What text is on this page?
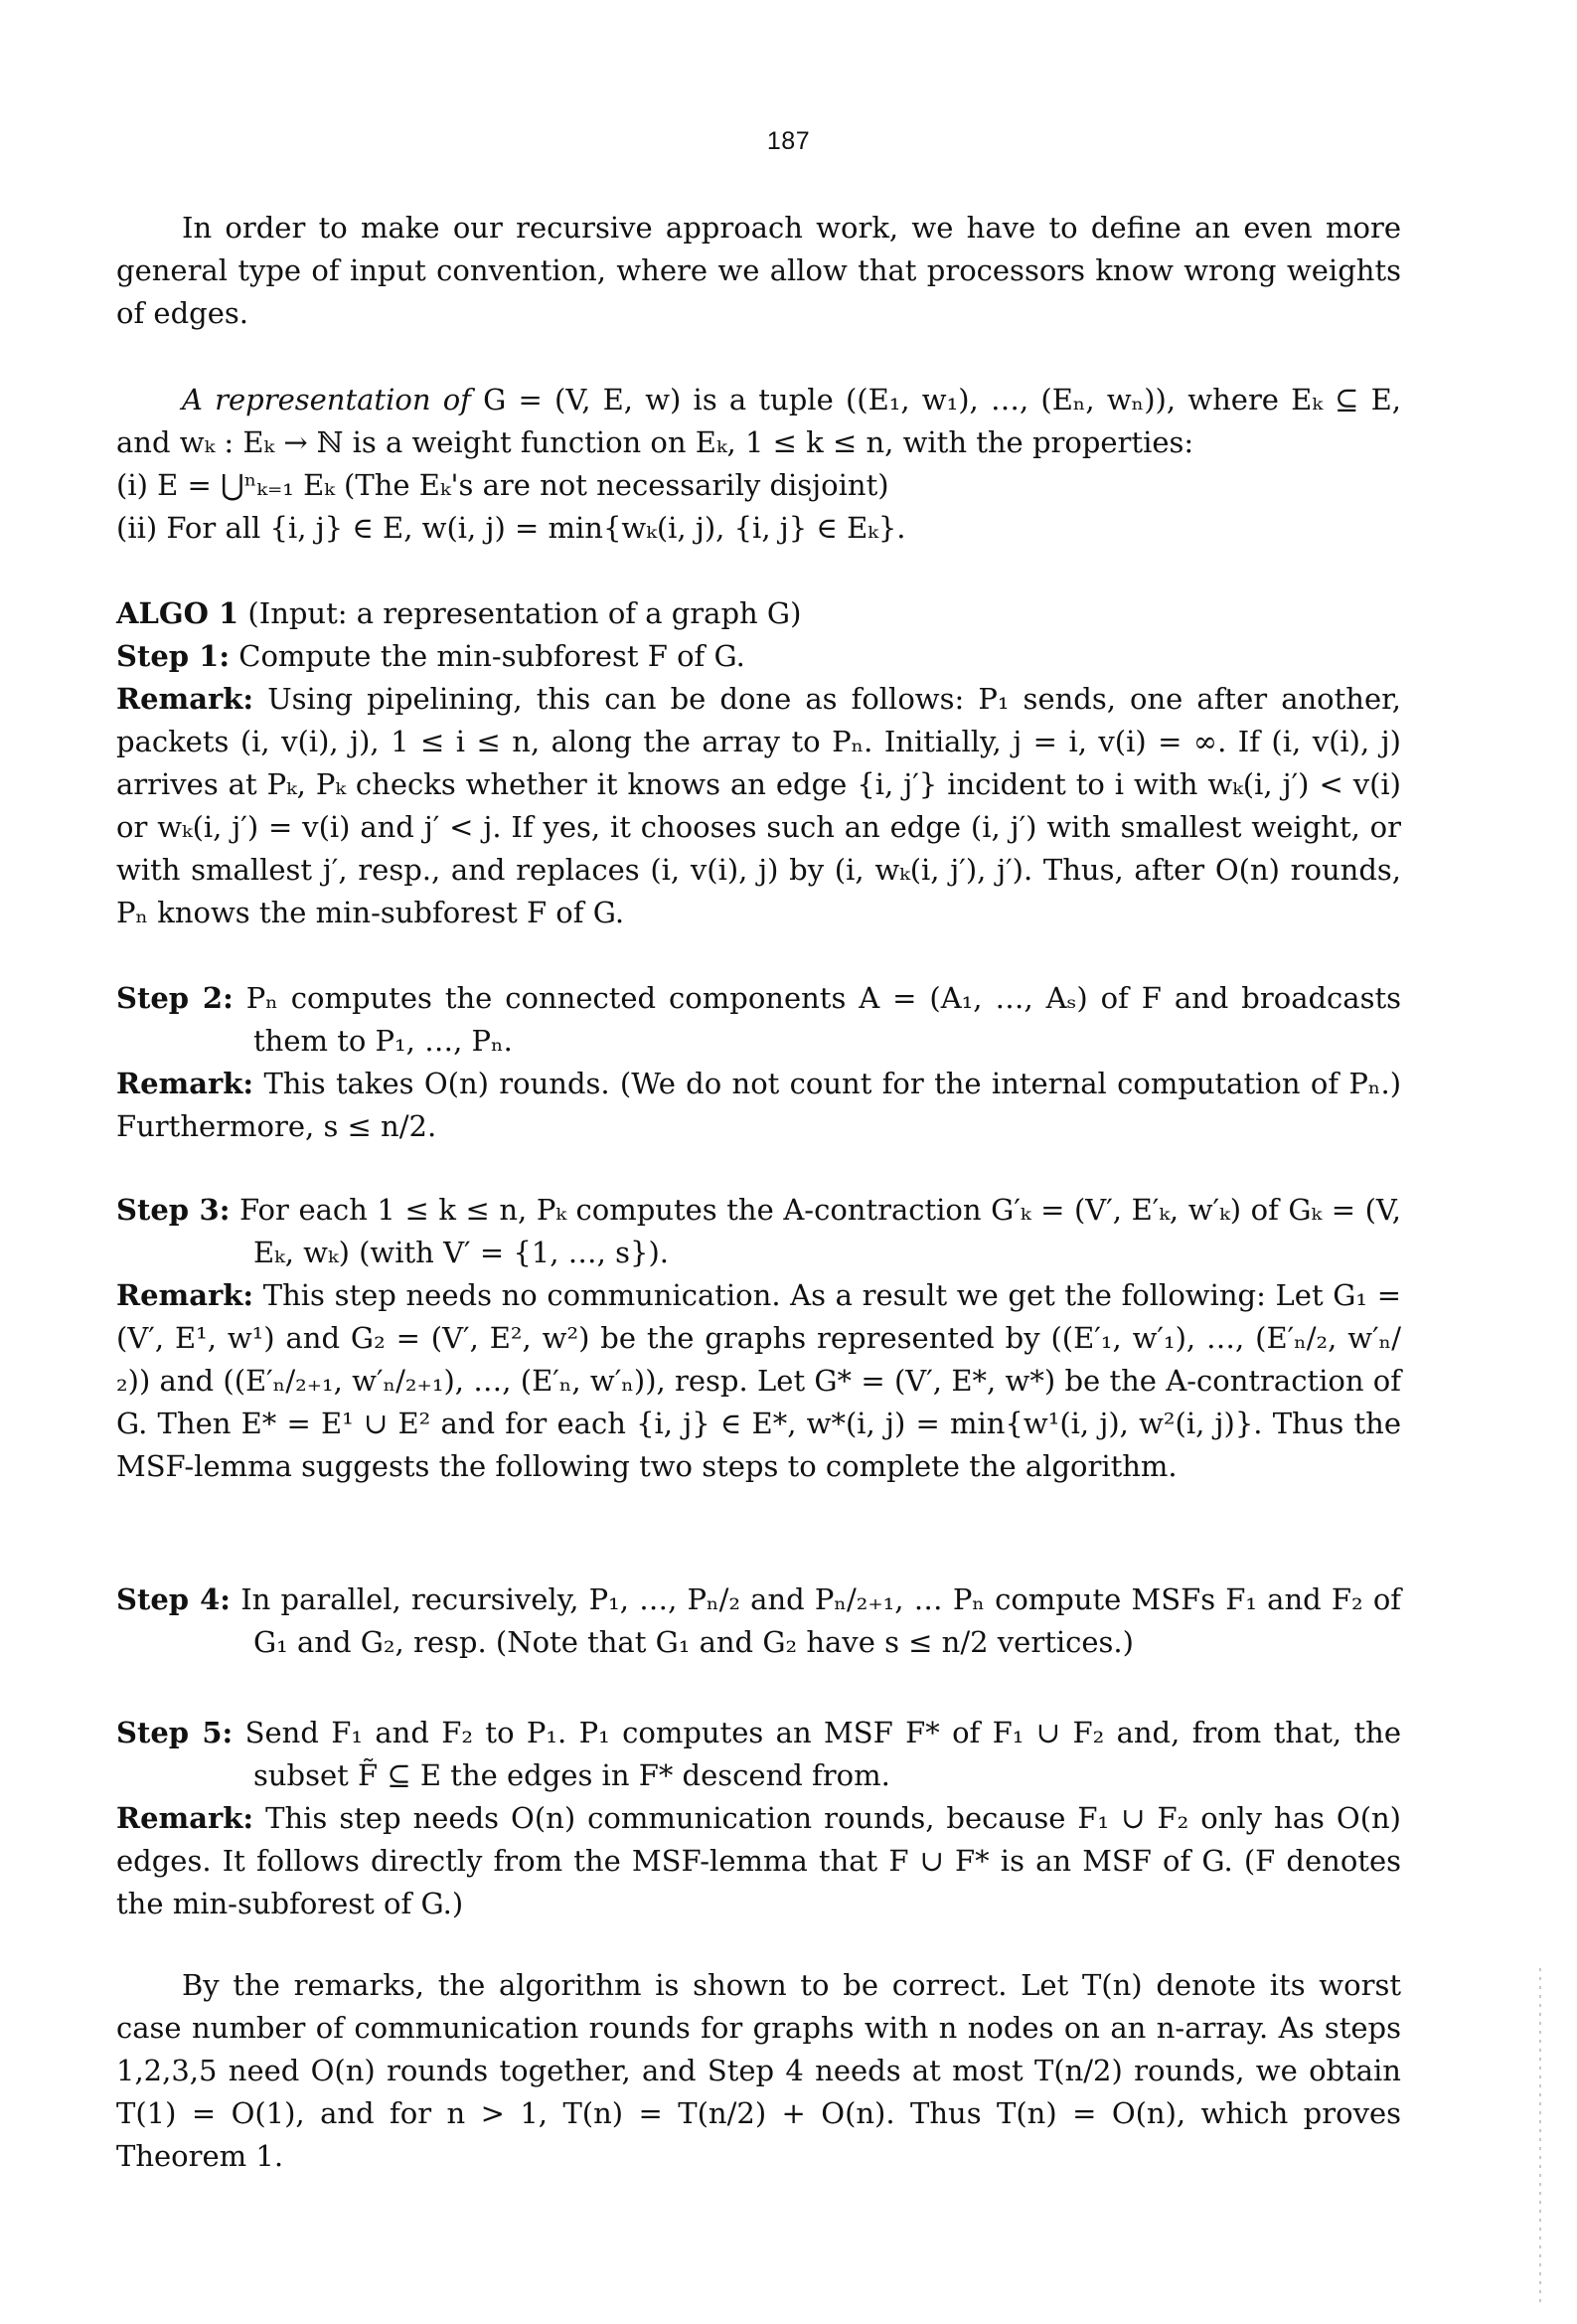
187

In order to make our recursive approach work, we have to define an even more general type of input convention, where we allow that processors know wrong weights of edges.

A representation of G = (V, E, w) is a tuple ((E₁, w₁), …, (Eₙ, wₙ)), where Eₖ ⊆ E, and wₖ : Eₖ → ℕ is a weight function on Eₖ, 1 ≤ k ≤ n, with the properties:

(i) E = ⋃ⁿₖ₌₁ Eₖ (The Eₖ's are not necessarily disjoint)

(ii) For all {i, j} ∈ E, w(i, j) = min{wₖ(i, j), {i, j} ∈ Eₖ}.

ALGO 1 (Input: a representation of a graph G)

Step 1: Compute the min-subforest F of G.

Remark: Using pipelining, this can be done as follows: P₁ sends, one after another, packets (i, v(i), j), 1 ≤ i ≤ n, along the array to Pₙ. Initially, j = i, v(i) = ∞. If (i, v(i), j) arrives at Pₖ, Pₖ checks whether it knows an edge {i, j′} incident to i with wₖ(i, j′) < v(i) or wₖ(i, j′) = v(i) and j′ < j. If yes, it chooses such an edge (i, j′) with smallest weight, or with smallest j′, resp., and replaces (i, v(i), j) by (i, wₖ(i, j′), j′). Thus, after O(n) rounds, Pₙ knows the min-subforest F of G.

Step 2: Pₙ computes the connected components A = (A₁, …, Aₛ) of F and broadcasts them to P₁, …, Pₙ.

Remark: This takes O(n) rounds. (We do not count for the internal computation of Pₙ.) Furthermore, s ≤ n/2.

Step 3: For each 1 ≤ k ≤ n, Pₖ computes the A-contraction G′ₖ = (V′, E′ₖ, w′ₖ) of Gₖ = (V, Eₖ, wₖ) (with V′ = {1, …, s}).

Remark: This step needs no communication. As a result we get the following: Let G₁ = (V′, E¹, w¹) and G₂ = (V′, E², w²) be the graphs represented by ((E′₁, w′₁), …, (E′ₙ/₂, w′ₙ/₂)) and ((E′ₙ/₂₊₁, w′ₙ/₂₊₁), …, (E′ₙ, w′ₙ)), resp. Let G* = (V′, E*, w*) be the A-contraction of G. Then E* = E¹ ∪ E² and for each {i, j} ∈ E*, w*(i, j) = min{w¹(i, j), w²(i, j)}. Thus the MSF-lemma suggests the following two steps to complete the algorithm.

Step 4: In parallel, recursively, P₁, …, Pₙ/₂ and Pₙ/₂₊₁, … Pₙ compute MSFs F₁ and F₂ of G₁ and G₂, resp. (Note that G₁ and G₂ have s ≤ n/2 vertices.)

Step 5: Send F₁ and F₂ to P₁. P₁ computes an MSF F* of F₁ ∪ F₂ and, from that, the subset F̃ ⊆ E the edges in F* descend from.

Remark: This step needs O(n) communication rounds, because F₁ ∪ F₂ only has O(n) edges. It follows directly from the MSF-lemma that F ∪ F* is an MSF of G. (F denotes the min-subforest of G.)

By the remarks, the algorithm is shown to be correct. Let T(n) denote its worst case number of communication rounds for graphs with n nodes on an n-array. As steps 1,2,3,5 need O(n) rounds together, and Step 4 needs at most T(n/2) rounds, we obtain T(1) = O(1), and for n > 1, T(n) = T(n/2) + O(n). Thus T(n) = O(n), which proves Theorem 1.
